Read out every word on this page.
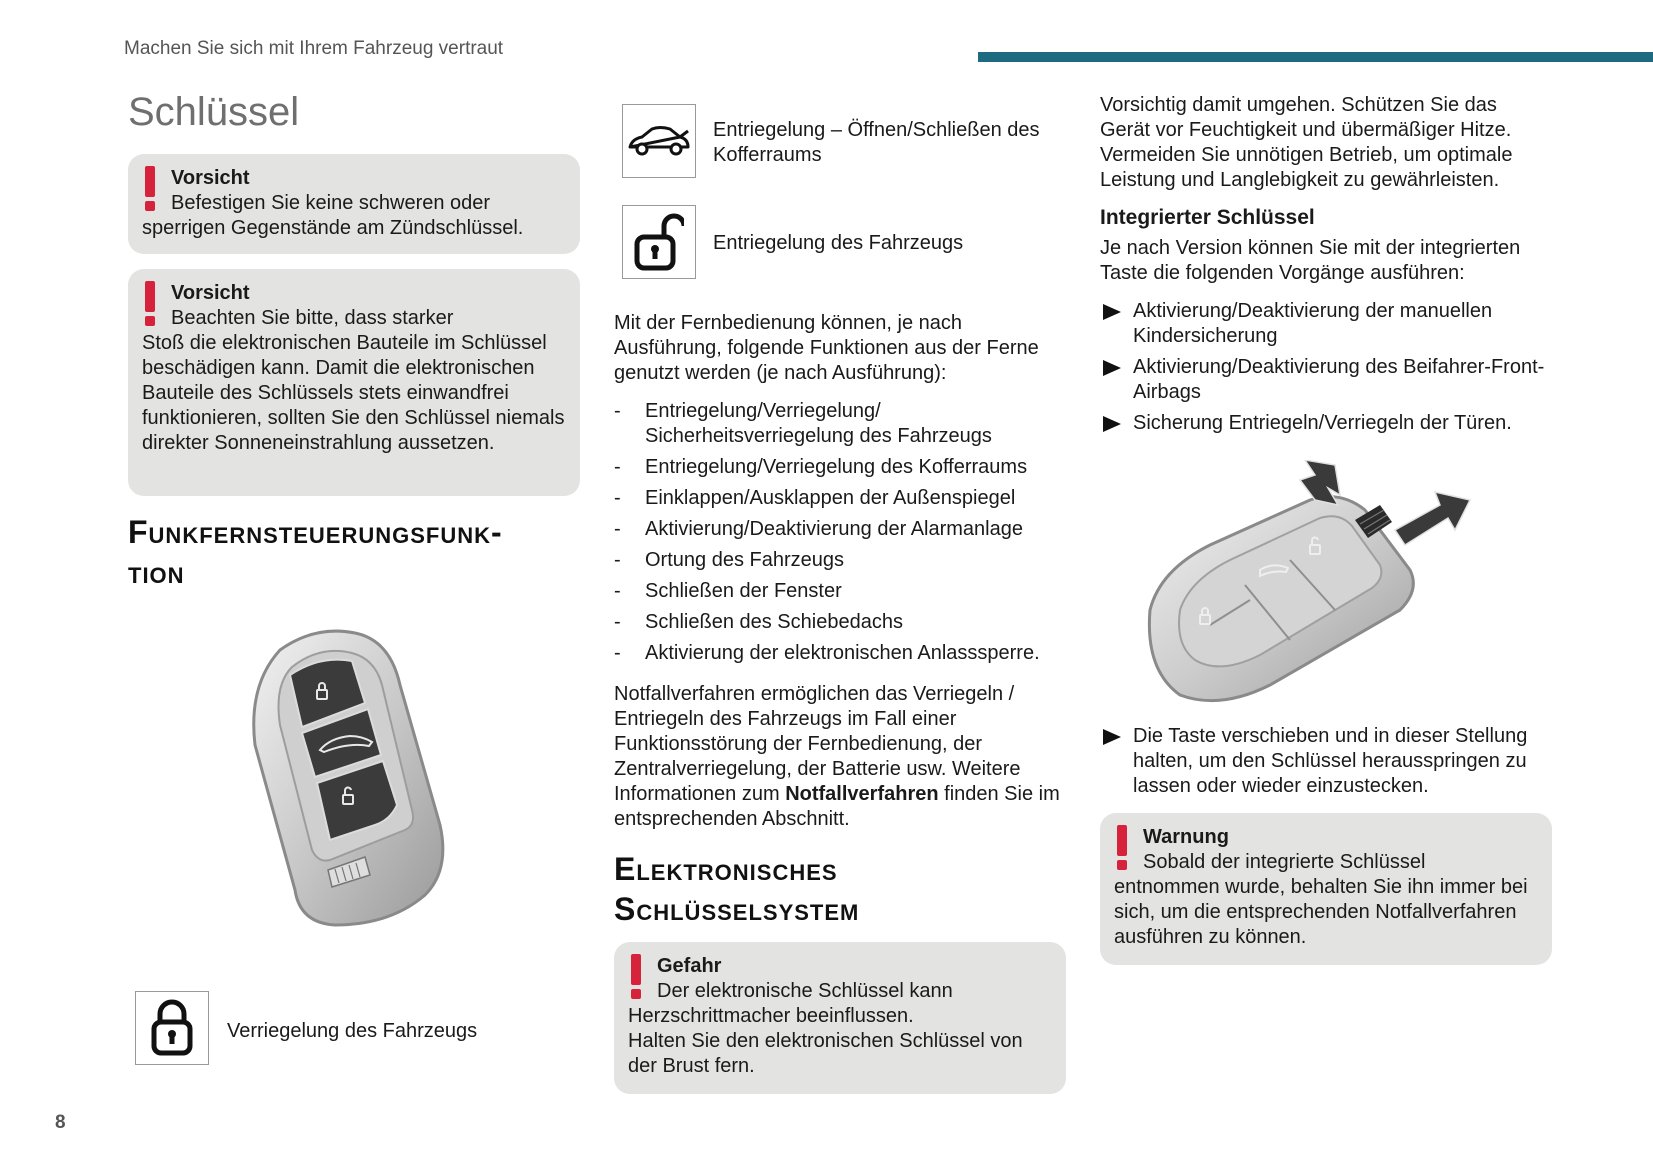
Machen Sie sich mit Ihrem Fahrzeug vertraut
Schlüssel
Vorsicht
Befestigen Sie keine schweren oder
sperrigen Gegenstände am Zündschlüssel.
Vorsicht
Beachten Sie bitte, dass starker
Stoß die elektronischen Bauteile im Schlüssel beschädigen kann. Damit die elektronischen Bauteile des Schlüssels stets einwandfrei funktionieren, sollten Sie den Schlüssel niemals direkter Sonneneinstrahlung aussetzen.
Funkfernsteuerungsfunk-
tion
Verriegelung des Fahrzeugs
Entriegelung – Öffnen/Schließen des Kofferraums
Entriegelung des Fahrzeugs
Mit der Fernbedienung können, je nach Ausführung, folgende Funktionen aus der Ferne genutzt werden (je nach Ausführung):
- Entriegelung/Verriegelung/ Sicherheitsverriegelung des Fahrzeugs
- Entriegelung/Verriegelung des Kofferraums
- Einklappen/Ausklappen der Außenspiegel
- Aktivierung/Deaktivierung der Alarmanlage
- Ortung des Fahrzeugs
- Schließen der Fenster
- Schließen des Schiebedachs
- Aktivierung der elektronischen Anlasssperre.
Notfallverfahren ermöglichen das Verriegeln / Entriegeln des Fahrzeugs im Fall einer Funktionsstörung der Fernbedienung, der Zentralverriegelung, der Batterie usw. Weitere Informationen zum Notfallverfahren finden Sie im entsprechenden Abschnitt.
Elektronisches
Schlüsselsystem
Gefahr
Der elektronische Schlüssel kann
Herzschrittmacher beeinflussen.
Halten Sie den elektronischen Schlüssel von der Brust fern.
Vorsichtig damit umgehen. Schützen Sie das Gerät vor Feuchtigkeit und übermäßiger Hitze. Vermeiden Sie unnötigen Betrieb, um optimale Leistung und Langlebigkeit zu gewährleisten.
Integrierter Schlüssel
Je nach Version können Sie mit der integrierten Taste die folgenden Vorgänge ausführen:
Aktivierung/Deaktivierung der manuellen Kindersicherung
Aktivierung/Deaktivierung des Beifahrer-Front-Airbags
Sicherung Entriegeln/Verriegeln der Türen.
Die Taste verschieben und in dieser Stellung halten, um den Schlüssel herausspringen zu lassen oder wieder einzustecken.
Warnung
Sobald der integrierte Schlüssel
entnommen wurde, behalten Sie ihn immer bei sich, um die entsprechenden Notfallverfahren ausführen zu können.
8
